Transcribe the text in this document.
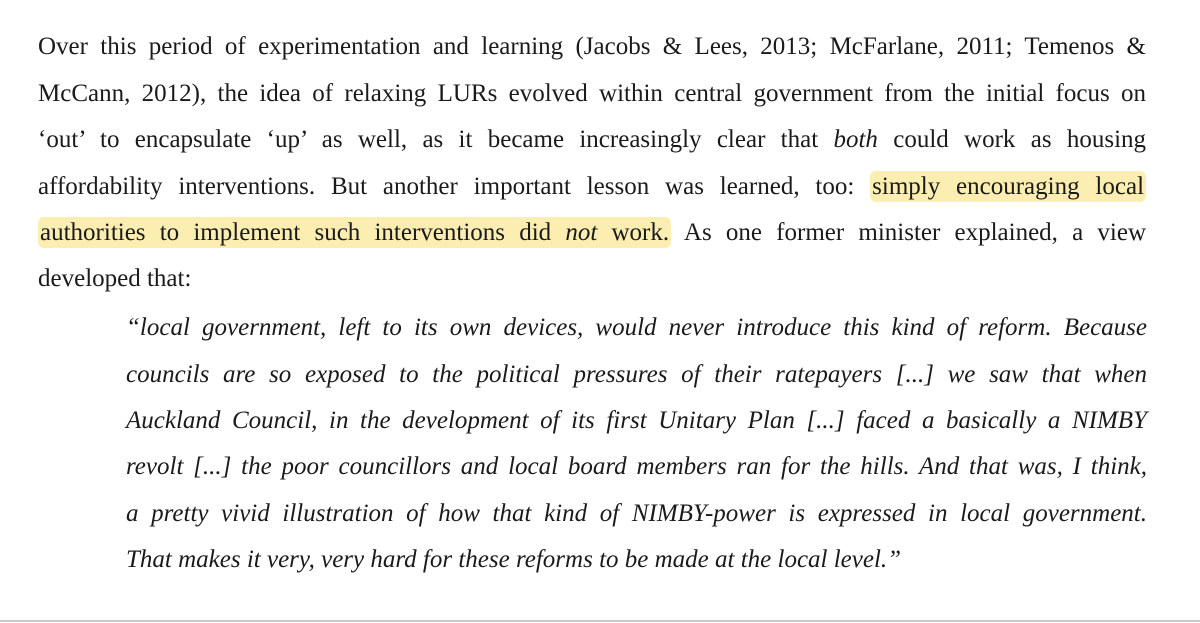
Over this period of experimentation and learning (Jacobs & Lees, 2013; McFarlane, 2011; Temenos &
McCann, 2012), the idea of relaxing LURs evolved within central government from the initial focus on
‘out’ to encapsulate ‘up’ as well, as it became increasingly clear that both could work as housing
affordability interventions. But another important lesson was learned, too: simply encouraging local
authorities to implement such interventions did not work. As one former minister explained, a view
developed that:
“local government, left to its own devices, would never introduce this kind of reform. Because
councils are so exposed to the political pressures of their ratepayers [...] we saw that when
Auckland Council, in the development of its first Unitary Plan [...] faced a basically a NIMBY
revolt [...] the poor councillors and local board members ran for the hills. And that was, I think,
a pretty vivid illustration of how that kind of NIMBY-power is expressed in local government.
That makes it very, very hard for these reforms to be made at the local level.”
